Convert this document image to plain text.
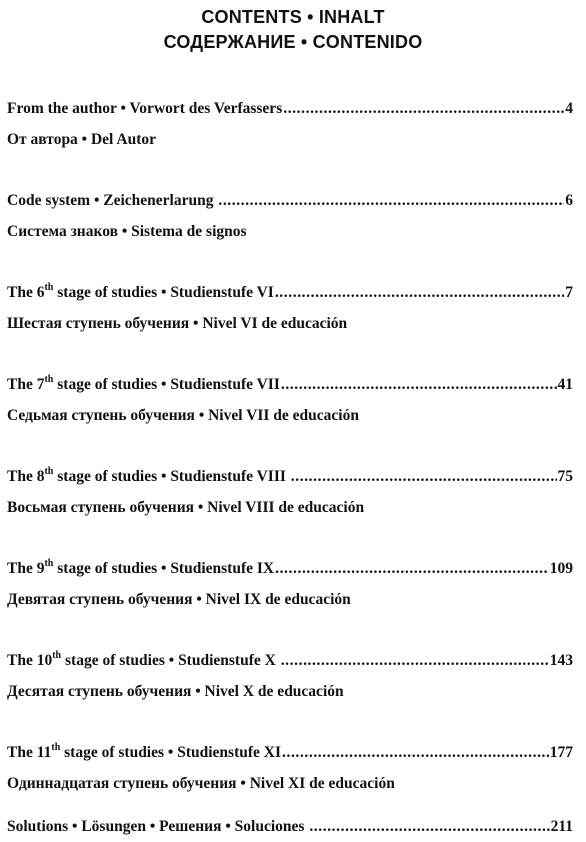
CONTENTS • INHALT
СОДЕРЖАНИЕ • CONTENIDO
From the author • Vorwort des Verfassers .....	4
От автора • Del Autor
Code system • Zeichenerlarung .....	6
Система знаков • Sistema de signos
The 6th stage of studies • Studienstufe VI .....	7
Шестая ступень обучения • Nivel VI de educación
The 7th stage of studies • Studienstufe VII .....	41
Седьмая ступень обучения • Nivel VII de educación
The 8th stage of studies • Studienstufe VIII .....	75
Восьмая ступень обучения • Nivel VIII de educación
The 9th stage of studies • Studienstufe IX .....	109
Девятая ступень обучения • Nivel IX de educación
The 10th stage of studies • Studienstufe X .....	143
Десятая ступень обучения • Nivel X de educación
The 11th stage of studies • Studienstufe XI .....	177
Одиннадцатая ступень обучения • Nivel XI de educación
Solutions • Lösungen • Решения • Soluciones .....	211
